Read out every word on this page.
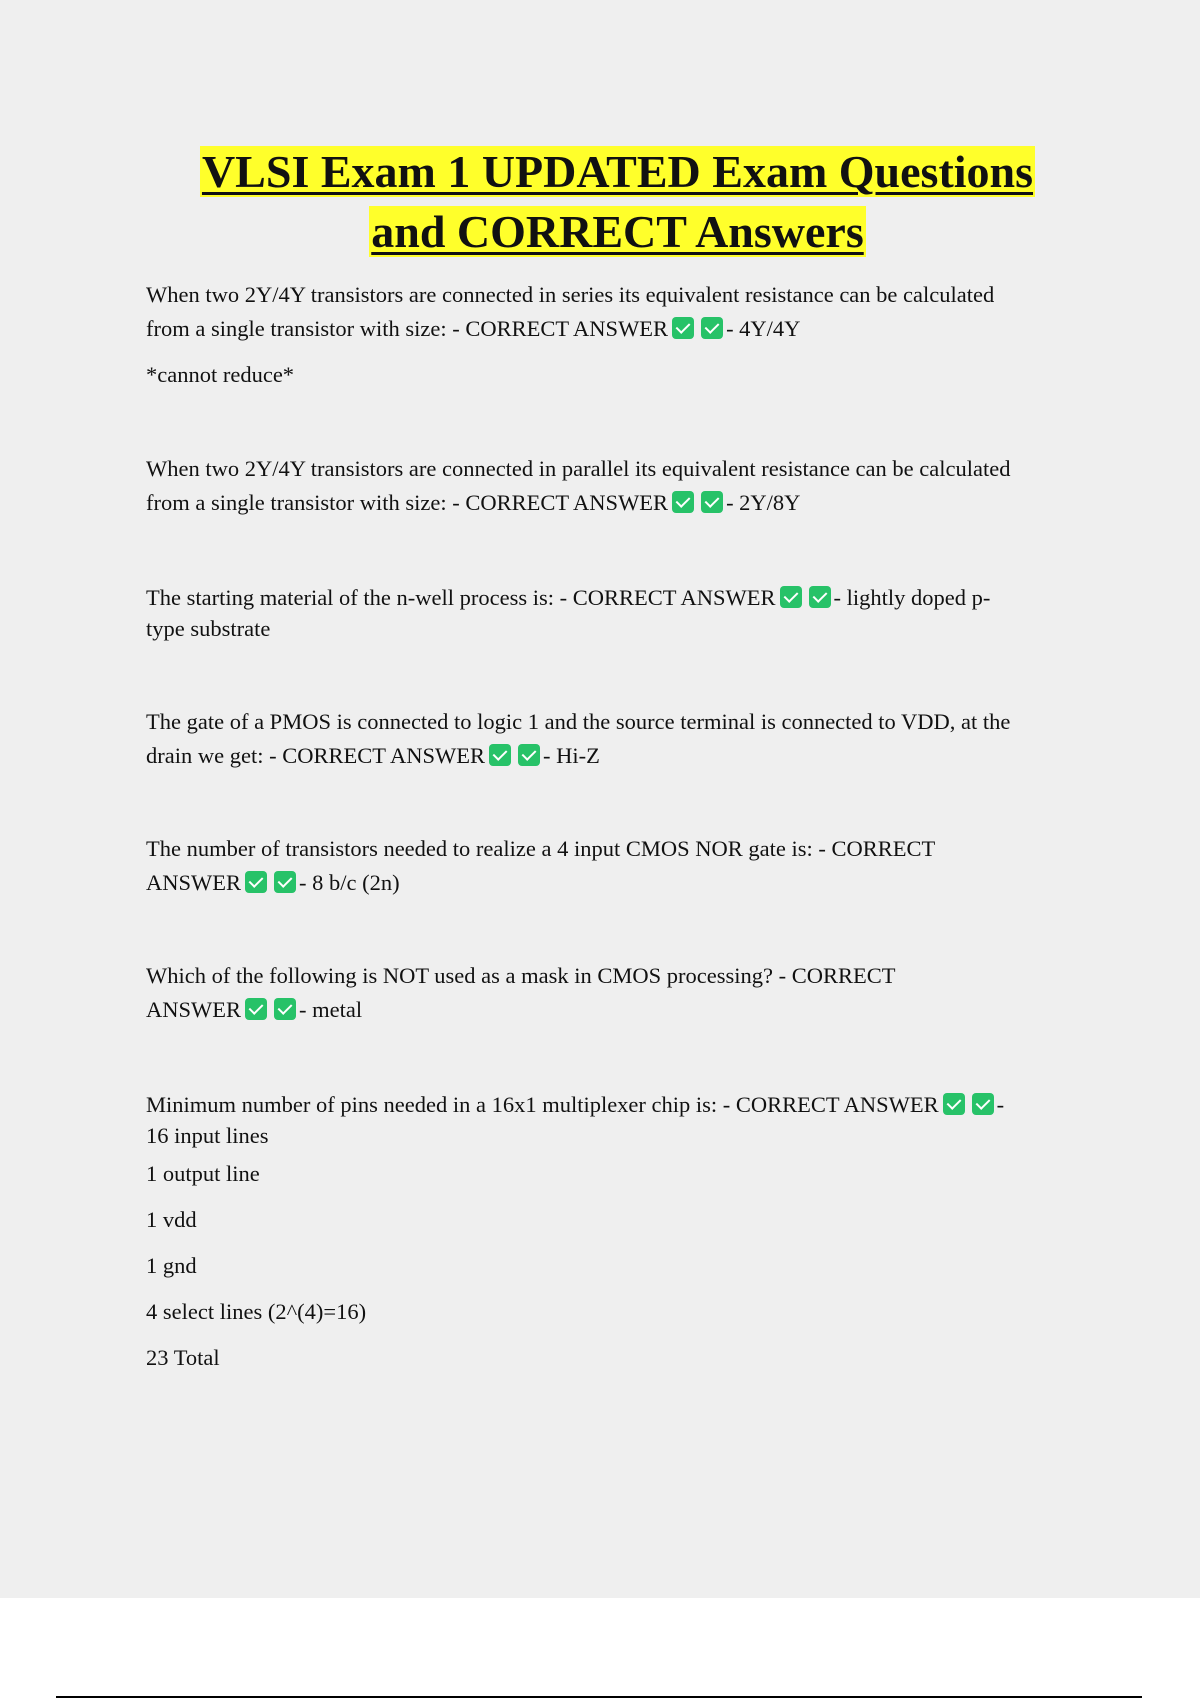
VLSI Exam 1 UPDATED Exam Questions
and CORRECT Answers

When two 2Y/4Y transistors are connected in series its equivalent resistance can be calculated
from a single transistor with size: - CORRECT ANSWER	- 4Y/4Y

*cannot reduce*

When two 2Y/4Y transistors are connected in parallel its equivalent resistance can be calculated
from a single transistor with size: - CORRECT ANSWER	- 2Y/8Y

The starting material of the n-well process is: - CORRECT ANSWER	- lightly doped p-
type substrate

The gate of a PMOS is connected to logic 1 and the source terminal is connected to VDD, at the
drain we get: - CORRECT ANSWER	- Hi-Z

The number of transistors needed to realize a 4 input CMOS NOR gate is: - CORRECT
ANSWER	- 8 b/c (2n)

Which of the following is NOT used as a mask in CMOS processing? - CORRECT
ANSWER	- metal

Minimum number of pins needed in a 16x1 multiplexer chip is: - CORRECT ANSWER	-
16 input lines

1 output line
1 vdd
1 gnd
4 select lines (2^(4)=16)
23 Total
